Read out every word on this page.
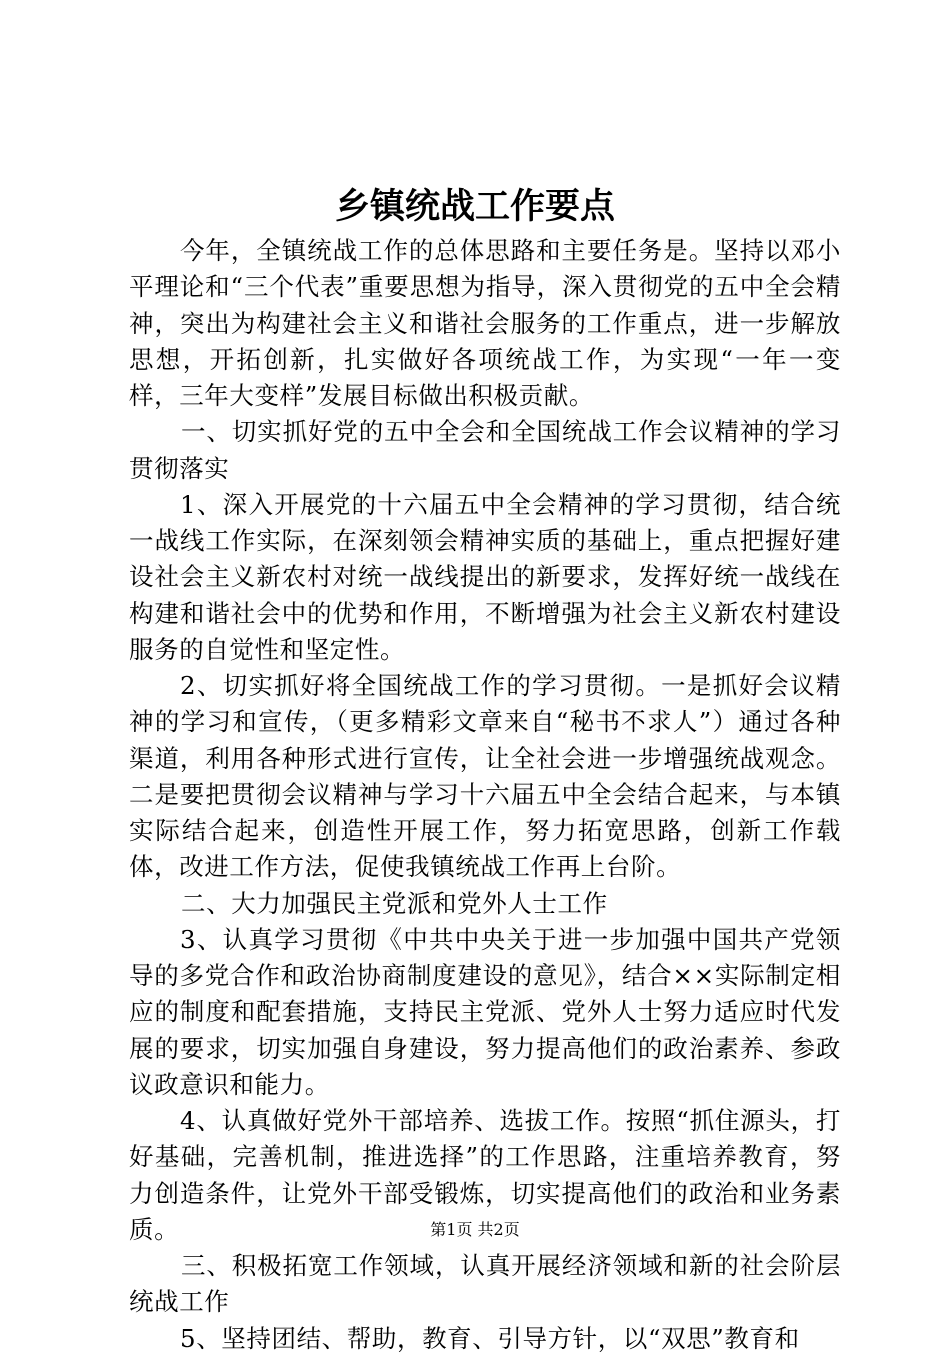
乡镇统战工作要点

今年，全镇统战工作的总体思路和主要任务是。坚持以邓小平理论和“三个代表”重要思想为指导，深入贯彻党的五中全会精神，突出为构建社会主义和谐社会服务的工作重点，进一步解放思想，开拓创新，扎实做好各项统战工作，为实现“一年一变样，三年大变样”发展目标做出积极贡献。

一、切实抓好党的五中全会和全国统战工作会议精神的学习贯彻落实

1、深入开展党的十六届五中全会精神的学习贯彻，结合统一战线工作实际，在深刻领会精神实质的基础上，重点把握好建设社会主义新农村对统一战线提出的新要求，发挥好统一战线在构建和谐社会中的优势和作用，不断增强为社会主义新农村建设服务的自觉性和坚定性。

2、切实抓好将全国统战工作的学习贯彻。一是抓好会议精神的学习和宣传，（更多精彩文章来自“秘书不求人”）通过各种渠道，利用各种形式进行宣传，让全社会进一步增强统战观念。二是要把贯彻会议精神与学习十六届五中全会结合起来，与本镇实际结合起来，创造性开展工作，努力拓宽思路，创新工作载体，改进工作方法，促使我镇统战工作再上台阶。

二、大力加强民主党派和党外人士工作

3、认真学习贯彻《中共中央关于进一步加强中国共产党领导的多党合作和政治协商制度建设的意见》，结合××实际制定相应的制度和配套措施，支持民主党派、党外人士努力适应时代发展的要求，切实加强自身建设，努力提高他们的政治素养、参政议政意识和能力。

4、认真做好党外干部培养、选拔工作。按照“抓住源头，打好基础，完善机制，推进选择”的工作思路，注重培养教育，努力创造条件，让党外干部受锻炼，切实提高他们的政治和业务素质。

三、积极拓宽工作领域，认真开展经济领域和新的社会阶层统战工作

5、坚持团结、帮助，教育、引导方针，以“双思”教育和

第1页 共2页
